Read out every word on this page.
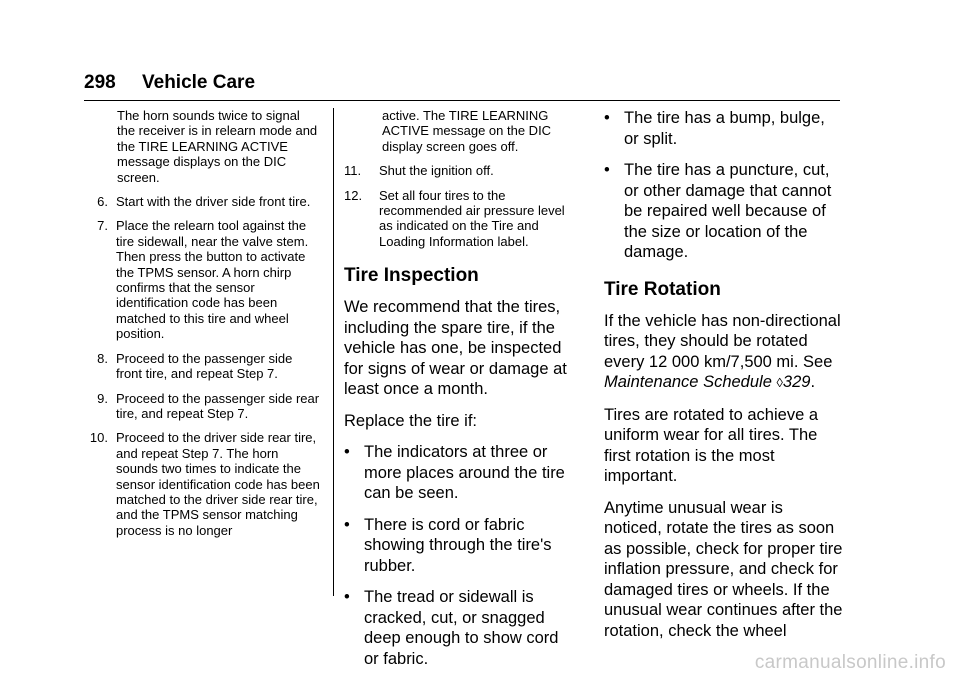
298 Vehicle Care

The horn sounds twice to signal the receiver is in relearn mode and the TIRE LEARNING ACTIVE message displays on the DIC screen.

6. Start with the driver side front tire.
7. Place the relearn tool against the tire sidewall, near the valve stem. Then press the button to activate the TPMS sensor. A horn chirp confirms that the sensor identification code has been matched to this tire and wheel position.
8. Proceed to the passenger side front tire, and repeat Step 7.
9. Proceed to the passenger side rear tire, and repeat Step 7.
10. Proceed to the driver side rear tire, and repeat Step 7. The horn sounds two times to indicate the sensor identification code has been matched to the driver side rear tire, and the TPMS sensor matching process is no longer

active. The TIRE LEARNING ACTIVE message on the DIC display screen goes off.

11.	Shut the ignition off.
12.	Set all four tires to the recommended air pressure level as indicated on the Tire and Loading Information label.
Tire Inspection

We recommend that the tires, including the spare tire, if the vehicle has one, be inspected for signs of wear or damage at least once a month.

Replace the tire if:

• The indicators at three or more places around the tire can be seen.
• There is cord or fabric showing through the tire's rubber.
• The tread or sidewall is cracked, cut, or snagged deep enough to show cord or fabric.
• The tire has a bump, bulge, or split.
• The tire has a puncture, cut, or other damage that cannot be repaired well because of the size or location of the damage.
Tire Rotation

If the vehicle has non-directional tires, they should be rotated every 12 000 km/7,500 mi. See Maintenance Schedule ◊329.

Tires are rotated to achieve a uniform wear for all tires. The first rotation is the most important.

Anytime unusual wear is noticed, rotate the tires as soon as possible, check for proper tire inflation pressure, and check for damaged tires or wheels. If the unusual wear continues after the rotation, check the wheel

carmanualsonline.info
